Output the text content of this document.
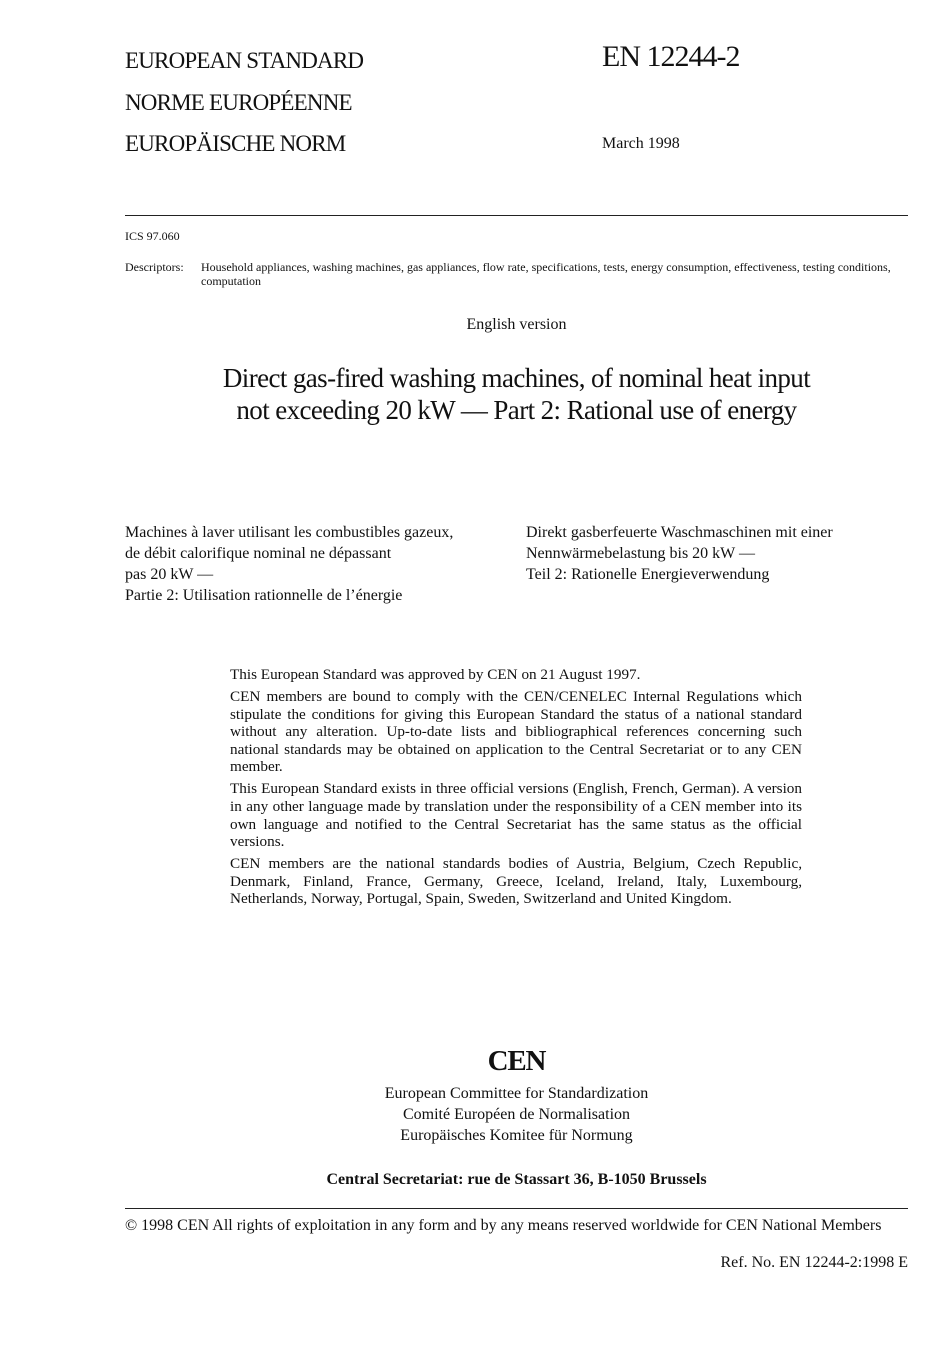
EUROPEAN STANDARD
NORME EUROPÉENNE
EUROPÄISCHE NORM
EN 12244-2
March 1998
ICS 97.060
Descriptors: Household appliances, washing machines, gas appliances, flow rate, specifications, tests, energy consumption, effectiveness, testing conditions, computation
English version
Direct gas-fired washing machines, of nominal heat input
not exceeding 20 kW — Part 2: Rational use of energy
Machines à laver utilisant les combustibles gazeux,
de débit calorifique nominal ne dépassant
pas 20 kW —
Partie 2: Utilisation rationnelle de l’énergie
Direkt gasberfeuerte Waschmaschinen mit einer
Nennwärmebelastung bis 20 kW —
Teil 2: Rationelle Energieverwendung

This European Standard was approved by CEN on 21 August 1997.

CEN members are bound to comply with the CEN/CENELEC Internal Regulations which stipulate the conditions for giving this European Standard the status of a national standard without any alteration. Up-to-date lists and bibliographical references concerning such national standards may be obtained on application to the Central Secretariat or to any CEN member.

This European Standard exists in three official versions (English, French, German). A version in any other language made by translation under the responsibility of a CEN member into its own language and notified to the Central Secretariat has the same status as the official versions.

CEN members are the national standards bodies of Austria, Belgium, Czech Republic, Denmark, Finland, France, Germany, Greece, Iceland, Ireland, Italy, Luxembourg, Netherlands, Norway, Portugal, Spain, Sweden, Switzerland and United Kingdom.

CEN
European Committee for Standardization
Comité Européen de Normalisation
Europäisches Komitee für Normung
Central Secretariat: rue de Stassart 36, B-1050 Brussels
© 1998 CEN All rights of exploitation in any form and by any means reserved worldwide for CEN National Members
Ref. No. EN 12244-2:1998 E
